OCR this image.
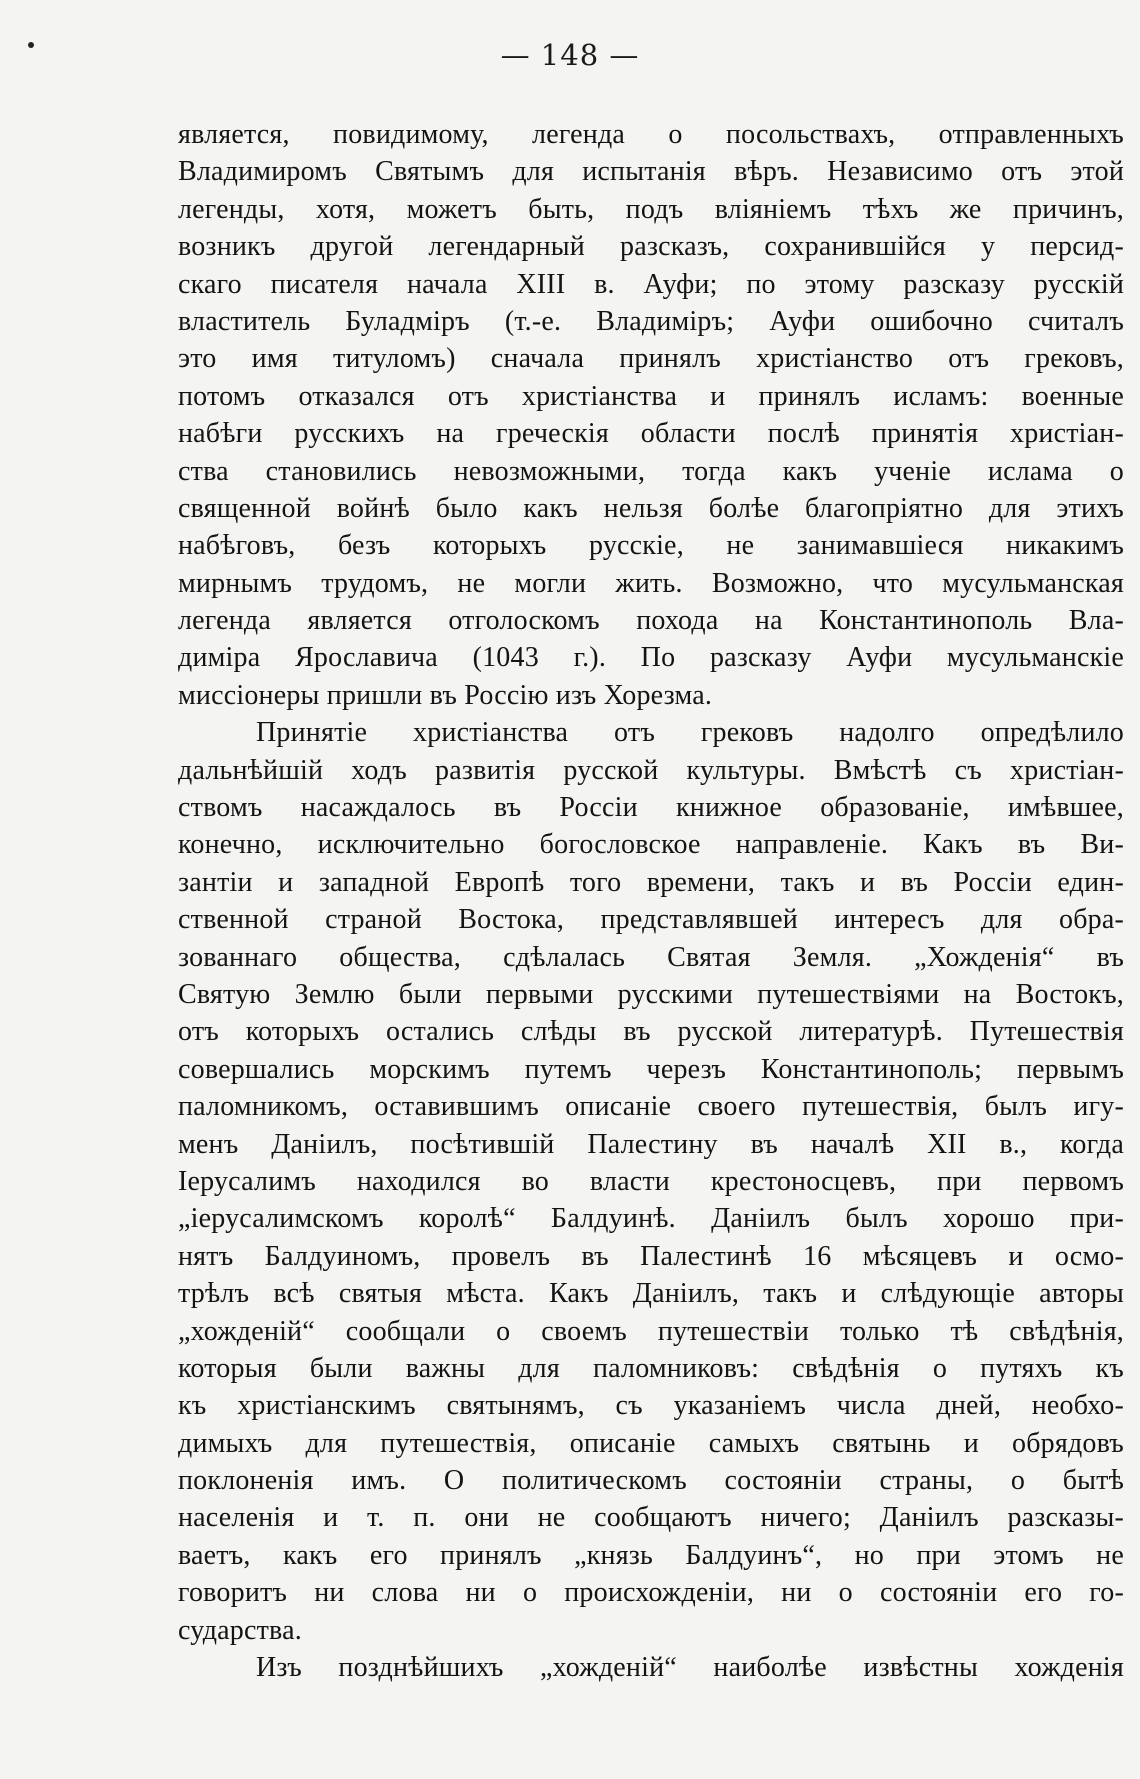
— 148 —
является, повидимому, легенда о посольствахъ, отправленныхъ
Владимиромъ Святымъ для испытанія вѣръ. Независимо отъ этой
легенды, хотя, можетъ быть, подъ вліяніемъ тѣхъ же причинъ,
возникъ другой легендарный разсказъ, сохранившійся у персид-
скаго писателя начала XIII в. Ауфи; по этому разсказу русскій
властитель Буладміръ (т.-е. Владиміръ; Ауфи ошибочно считалъ
это имя титуломъ) сначала принялъ христіанство отъ грековъ,
потомъ отказался отъ христіанства и принялъ исламъ: военные
набѣги русскихъ на греческія области послѣ принятія христіан-
ства становились невозможными, тогда какъ ученіе ислама о
священной войнѣ было какъ нельзя болѣе благопріятно для этихъ
набѣговъ, безъ которыхъ русскіе, не занимавшіеся никакимъ
мирнымъ трудомъ, не могли жить. Возможно, что мусульманская
легенда является отголоскомъ похода на Константинополь Вла-
диміра Ярославича (1043 г.). По разсказу Ауфи мусульманскіе
миссіонеры пришли въ Россію изъ Хорезма.
Принятіе христіанства отъ грековъ надолго опредѣлило
дальнѣйшій ходъ развитія русской культуры. Вмѣстѣ съ христіан-
ствомъ насаждалось въ Россіи книжное образованіе, имѣвшее,
конечно, исключительно богословское направленіе. Какъ въ Ви-
зантіи и западной Европѣ того времени, такъ и въ Россіи един-
ственной страной Востока, представлявшей интересъ для обра-
зованнаго общества, сдѣлалась Святая Земля. „Хожденія“ въ
Святую Землю были первыми русскими путешествіями на Востокъ,
отъ которыхъ остались слѣды въ русской литературѣ. Путешествія
совершались морскимъ путемъ черезъ Константинополь; первымъ
паломникомъ, оставившимъ описаніе своего путешествія, былъ игу-
менъ Даніилъ, посѣтившій Палестину въ началѣ XII в., когда
Іерусалимъ находился во власти крестоносцевъ, при первомъ
„іерусалимскомъ королѣ“ Балдуинѣ. Даніилъ былъ хорошо при-
нятъ Балдуиномъ, провелъ въ Палестинѣ 16 мѣсяцевъ и осмо-
трѣлъ всѣ святыя мѣста. Какъ Даніилъ, такъ и слѣдующіе авторы
„хожденій“ сообщали о своемъ путешествіи только тѣ свѣдѣнія,
которыя были важны для паломниковъ: свѣдѣнія о путяхъ къ
къ христіанскимъ святынямъ, съ указаніемъ числа дней, необхо-
димыхъ для путешествія, описаніе самыхъ святынь и обрядовъ
поклоненія имъ. О политическомъ состояніи страны, о бытѣ
населенія и т. п. они не сообщаютъ ничего; Даніилъ разсказы-
ваетъ, какъ его принялъ „князь Балдуинъ“, но при этомъ не
говоритъ ни слова ни о происхожденіи, ни о состояніи его го-
сударства.
Изъ позднѣйшихъ „хожденій“ наиболѣе извѣстны хожденія
